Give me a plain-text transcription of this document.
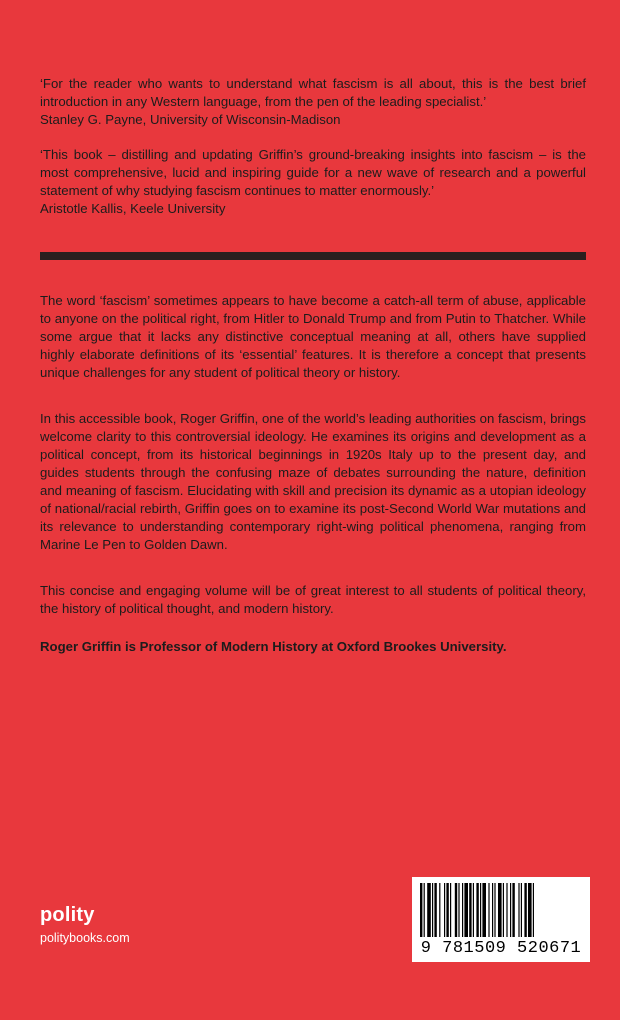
‘For the reader who wants to understand what fascism is all about, this is the best brief introduction in any Western language, from the pen of the leading specialist.’

Stanley G. Payne, University of Wisconsin-Madison

‘This book – distilling and updating Griffin’s ground-breaking insights into fascism – is the most comprehensive, lucid and inspiring guide for a new wave of research and a powerful statement of why studying fascism continues to matter enormously.’

Aristotle Kallis, Keele University

The word ‘fascism’ sometimes appears to have become a catch-all term of abuse, applicable to anyone on the political right, from Hitler to Donald Trump and from Putin to Thatcher. While some argue that it lacks any distinctive conceptual meaning at all, others have supplied highly elaborate definitions of its ‘essential’ features. It is therefore a concept that presents unique challenges for any student of political theory or history.

In this accessible book, Roger Griffin, one of the world’s leading authorities on fascism, brings welcome clarity to this controversial ideology. He examines its origins and development as a political concept, from its historical beginnings in 1920s Italy up to the present day, and guides students through the confusing maze of debates surrounding the nature, definition and meaning of fascism. Elucidating with skill and precision its dynamic as a utopian ideology of national/racial rebirth, Griffin goes on to examine its post-Second World War mutations and its relevance to understanding contemporary right-wing political phenomena, ranging from Marine Le Pen to Golden Dawn.

This concise and engaging volume will be of great interest to all students of political theory, the history of political thought, and modern history.

Roger Griffin is Professor of Modern History at Oxford Brookes University.

polity
politybooks.com
9 781509 520671
